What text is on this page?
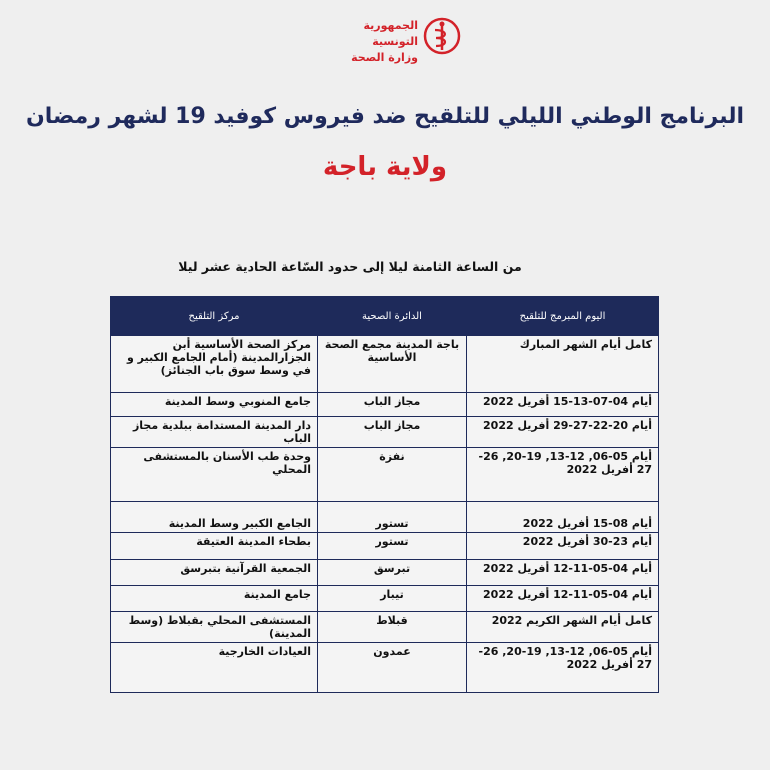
الجمهورية التونسية
وزارة الصحة
البرنامج الوطني الليلي للتلقيح ضد فيروس كوفيد 19 لشهر رمضان
ولاية باجة
من الساعة الثامنة ليلا إلى حدود السّاعة الحادية عشر ليلا
اليوم المبرمج للتلقيح	الدائرة الصحية	مركز التلقيح
كامل أيام الشهر المبارك	باجة المدينة مجمع الصحة الأساسية	مركز الصحة الأساسية أبن الجزارالمدينة (أمام الجامع الكبير و في وسط سوق باب الجنائز)
أيام 04-07-13-15 أفريل 2022	مجاز الباب	جامع المنوبي وسط المدينة
أيام 20-22-27-29 أفريل 2022	مجاز الباب	دار المدينة المستدامة ببلدية مجاز الباب
أيام 05-06, 12-13, 19-20, 26-27 أفريل 2022	نفزة	وحدة طب الأسنان بالمستشفى المحلي
أيام 08-15 أفريل 2022	تستور	الجامع الكبير وسط المدينة
أيام 23-30 أفريل 2022	تستور	بطحاء المدينة العتيقة
أيام 04-05-11-12 أفريل 2022	تبرسق	الجمعية القرآنية بتبرسق
أيام 04-05-11-12 أفريل 2022	تيبار	جامع المدينة
كامل أيام الشهر الكريم 2022	قبلاط	المستشفى المحلي بقبلاط (وسط المدينة)
أيام 05-06, 12-13, 19-20, 26-27 أفريل 2022	عمدون	العيادات الخارجية
